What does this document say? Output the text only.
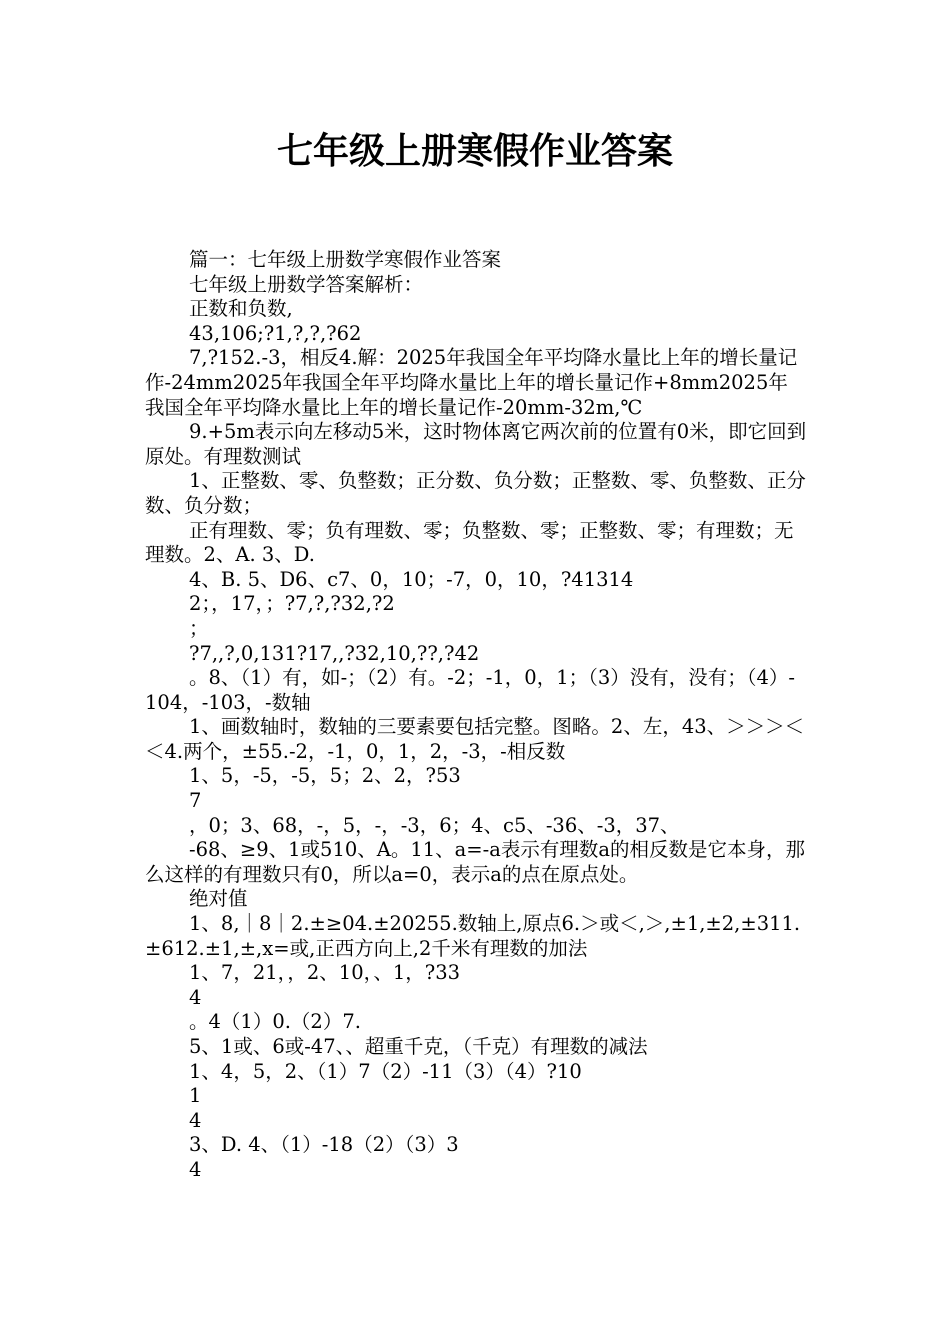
七年级上册寒假作业答案

篇一：七年级上册数学寒假作业答案

七年级上册数学答案解析：

正数和负数,

43,106;?1,?,?,?62

7,?152.-3，相反4.解：2025年我国全年平均降水量比上年的增长量记作-24mm2025年我国全年平均降水量比上年的增长量记作+8mm2025年我国全年平均降水量比上年的增长量记作-20mm-32m,℃

9.+5m表示向左移动5米，这时物体离它两次前的位置有0米，即它回到原处。有理数测试

1、正整数、零、负整数；正分数、负分数；正整数、零、负整数、正分数、负分数；

正有理数、零；负有理数、零；负整数、零；正整数、零；有理数；无理数。2、A. 3、D.

4、B. 5、D6、c7、0，10；-7，0，10，?41314

2；，17，；?7,?,?32,?2

；

?7,,?,0,131?17,,?32,10,??,?42

。8、（1）有，如-；（2）有。-2；-1，0，1；（3）没有，没有；（4）-104，-103，-数轴

1、画数轴时，数轴的三要素要包括完整。图略。2、左，43、＞＞＞＜＜4.两个，±55.-2，-1，0，1，2，-3，-相反数

1、5，-5，-5，5；2、2，?53

7

，0；3、68，-，5，-，-3，6；4、c5、-36、-3，37、

-68、≥9、1或510、A。11、a=-a表示有理数a的相反数是它本身，那么这样的有理数只有0，所以a=0，表示a的点在原点处。

绝对值

1、8,｜8｜2.±≥04.±20255.数轴上,原点6.＞或＜,＞,±1,±2,±311.±612.±1,±,x=或,正西方向上,2千米有理数的加法

1、7，21，，2、10，、1，?33

4

。4（1）0.（2）7.

5、1或、6或-47、、超重千克，（千克）有理数的减法

1、4，5，2、（1）7（2）-11（3）（4）?10

1

4

3、D. 4、（1）-18（2）（3）3

4
